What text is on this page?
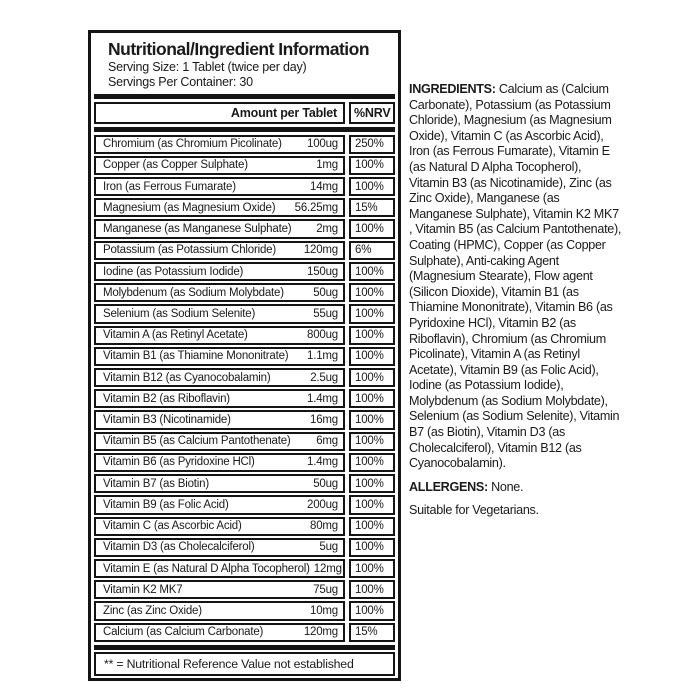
Nutritional/Ingredient Information
Serving Size: 1 Tablet (twice per day)
Servings Per Container: 30
Amount per Tablet	%NRV
Chromium (as Chromium Picolinate) 100ug	250%
Copper (as Copper Sulphate)	1mg	100%
Iron (as Ferrous Fumarate)	14mg	100%
Magnesium (as Magnesium Oxide) 56.25mg	15%
Manganese (as Manganese Sulphate) 2mg	100%
Potassium (as Potassium Chloride) 120mg	6%
Iodine (as Potassium Iodide)	150ug	100%
Molybdenum (as Sodium Molybdate)	50ug	100%
Selenium (as Sodium Selenite)	55ug	100%
Vitamin A (as Retinyl Acetate)	800ug	100%
Vitamin B1 (as Thiamine Mononitrate) 1.1mg	100%
Vitamin B12 (as Cyanocobalamin)	2.5ug	100%
Vitamin B2 (as Riboflavin)	1.4mg	100%
Vitamin B3 (Nicotinamide)	16mg	100%
Vitamin B5 (as Calcium Pantothenate) 6mg	100%
Vitamin B6 (as Pyridoxine HCl)	1.4mg	100%
Vitamin B7 (as Biotin)	50ug	100%
Vitamin B9 (as Folic Acid)	200ug	100%
Vitamin C (as Ascorbic Acid)	80mg	100%
Vitamin D3 (as Cholecalciferol)	5ug	100%
Vitamin E (as Natural D Alpha Tocopherol) 12mg	100%
Vitamin K2 MK7	75ug	100%
Zinc (as Zinc Oxide)	10mg	100%
Calcium (as Calcium Carbonate)	120mg	15%
** = Nutritional Reference Value not established
INGREDIENTS: Calcium as (Calcium Carbonate), Potassium (as Potassium Chloride), Magnesium (as Magnesium Oxide), Vitamin C (as Ascorbic Acid), Iron (as Ferrous Fumarate), Vitamin E (as Natural D Alpha Tocopherol), Vitamin B3 (as Nicotinamide), Zinc (as Zinc Oxide), Manganese (as Manganese Sulphate), Vitamin K2 MK7 , Vitamin B5 (as Calcium Pantothenate), Coating (HPMC), Copper (as Copper Sulphate), Anti-caking Agent (Magnesium Stearate), Flow agent (Silicon Dioxide), Vitamin B1 (as Thiamine Mononitrate), Vitamin B6 (as Pyridoxine HCl), Vitamin B2 (as Riboflavin), Chromium (as Chromium Picolinate), Vitamin A (as Retinyl Acetate), Vitamin B9 (as Folic Acid), Iodine (as Potassium Iodide), Molybdenum (as Sodium Molybdate), Selenium (as Sodium Selenite), Vitamin B7 (as Biotin), Vitamin D3 (as Cholecalciferol), Vitamin B12 (as Cyanocobalamin).
ALLERGENS: None.
Suitable for Vegetarians.
